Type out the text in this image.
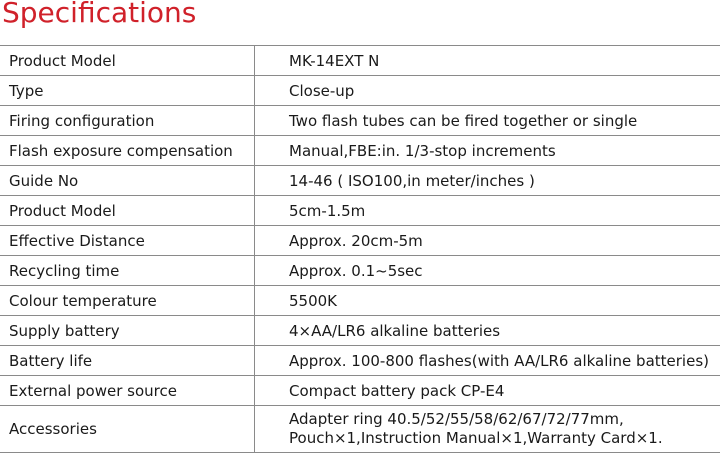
Specifications
Product Model	MK-14EXT N
Type	Close-up
Firing configuration	Two flash tubes can be fired together or single
Flash exposure compensation	Manual,FBE:in. 1/3-stop increments
Guide No	14-46 ( ISO100,in meter/inches )
Product Model	5cm-1.5m
Effective Distance	Approx. 20cm-5m
Recycling time	Approx. 0.1~5sec
Colour temperature	5500K
Supply battery	4×AA/LR6 alkaline batteries
Battery life	Approx. 100-800 flashes(with AA/LR6 alkaline batteries)
External power source	Compact battery pack CP-E4
Accessories	Adapter ring 40.5/52/55/58/62/67/72/77mm,
Pouch×1,Instruction Manual×1,Warranty Card×1.
